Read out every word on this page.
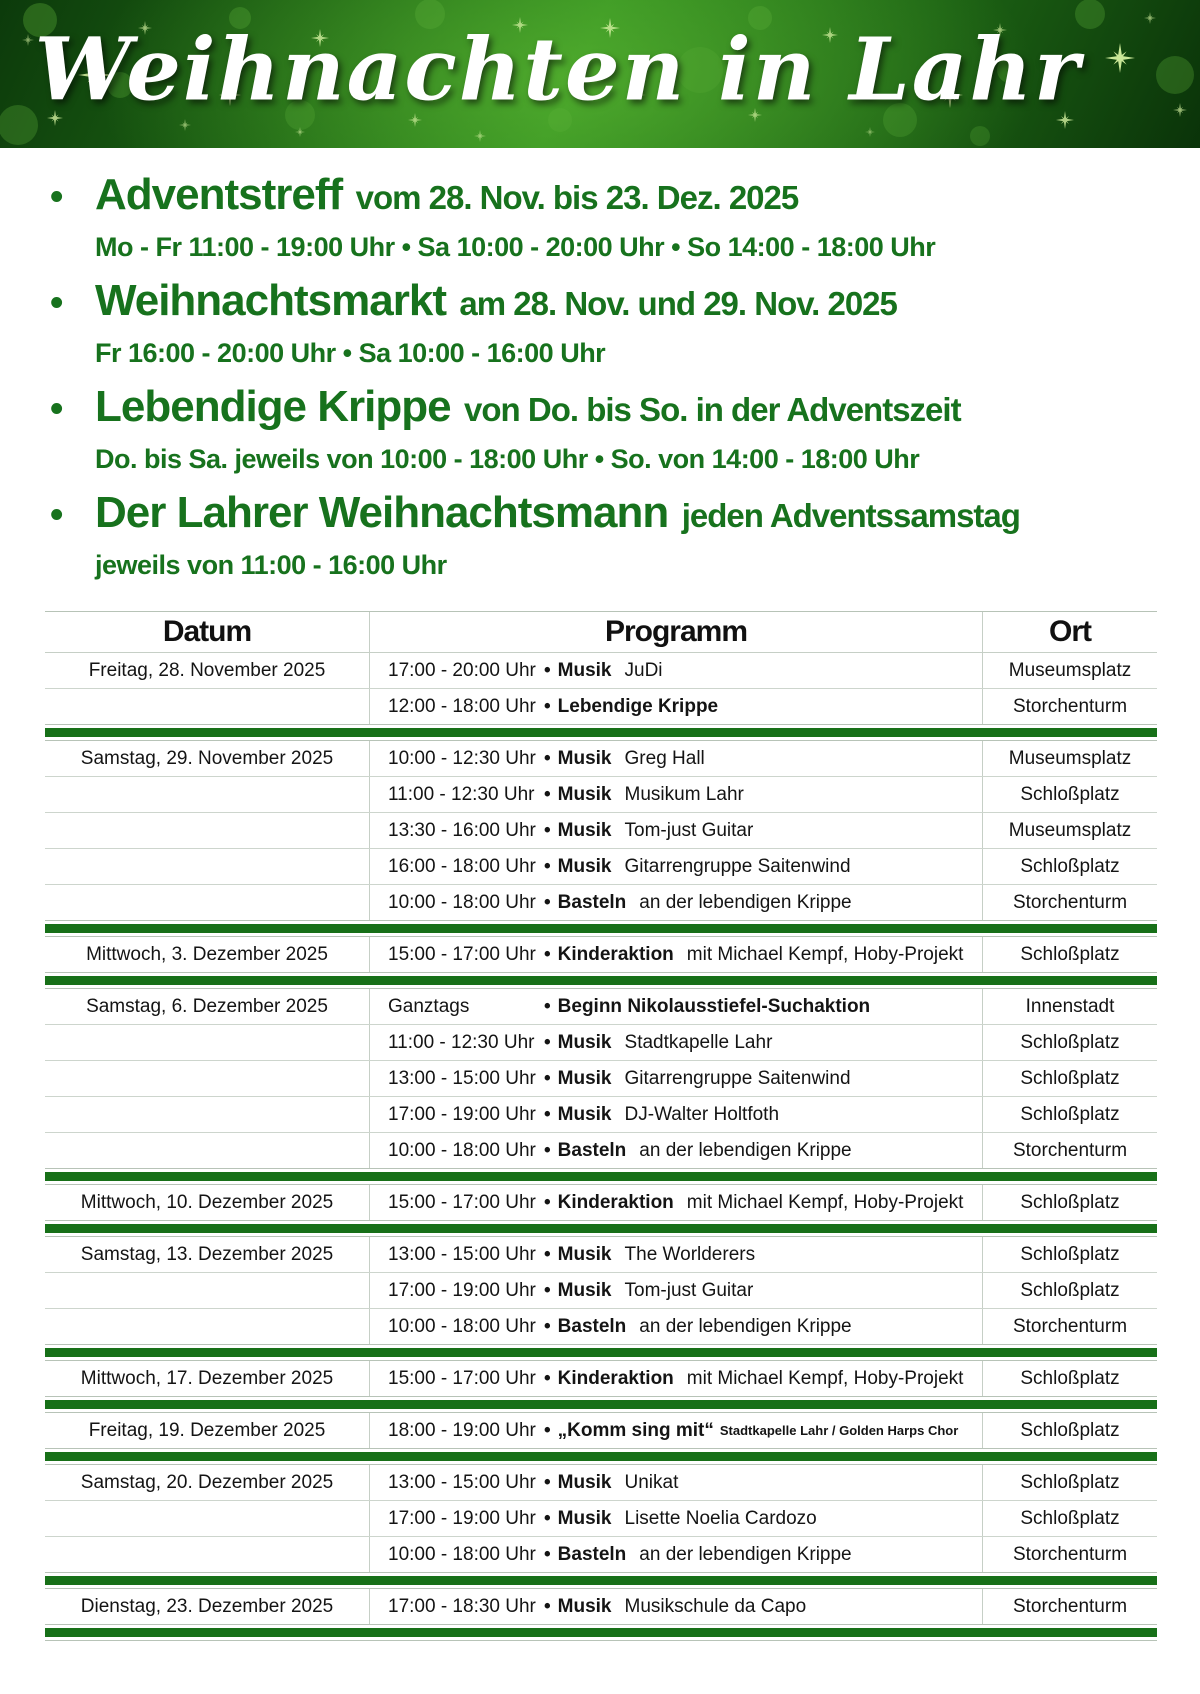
Weihnachten in Lahr
• Adventstreff vom 28. Nov. bis 23. Dez. 2025
Mo - Fr 11:00 - 19:00 Uhr • Sa 10:00 - 20:00 Uhr • So 14:00 - 18:00 Uhr
• Weihnachtsmarkt am 28. Nov. und 29. Nov. 2025
Fr 16:00 - 20:00 Uhr • Sa 10:00 - 16:00 Uhr
• Lebendige Krippe von Do. bis So. in der Adventszeit
Do. bis Sa. jeweils von 10:00 - 18:00 Uhr • So. von 14:00 - 18:00 Uhr
• Der Lahrer Weihnachtsmann jeden Adventssamstag
jeweils von 11:00 - 16:00 Uhr
Datum	Programm	Ort
Freitag, 28. November 2025	17:00 - 20:00 Uhr • Musik JuDi	Museumsplatz
12:00 - 18:00 Uhr • Lebendige Krippe	Storchenturm
Samstag, 29. November 2025	10:00 - 12:30 Uhr • Musik Greg Hall	Museumsplatz
11:00 - 12:30 Uhr • Musik Musikum Lahr	Schloßplatz
13:30 - 16:00 Uhr • Musik Tom-just Guitar	Museumsplatz
16:00 - 18:00 Uhr • Musik Gitarrengruppe Saitenwind	Schloßplatz
10:00 - 18:00 Uhr • Basteln an der lebendigen Krippe	Storchenturm
Mittwoch, 3. Dezember 2025	15:00 - 17:00 Uhr • Kinderaktion mit Michael Kempf, Hoby-Projekt	Schloßplatz
Samstag, 6. Dezember 2025	Ganztags	• Beginn Nikolausstiefel-Suchaktion	Innenstadt
11:00 - 12:30 Uhr • Musik Stadtkapelle Lahr	Schloßplatz
13:00 - 15:00 Uhr • Musik Gitarrengruppe Saitenwind	Schloßplatz
17:00 - 19:00 Uhr • Musik DJ-Walter Holtfoth	Schloßplatz
10:00 - 18:00 Uhr • Basteln an der lebendigen Krippe	Storchenturm
Mittwoch, 10. Dezember 2025	15:00 - 17:00 Uhr • Kinderaktion mit Michael Kempf, Hoby-Projekt	Schloßplatz
Samstag, 13. Dezember 2025	13:00 - 15:00 Uhr • Musik The Worlderers	Schloßplatz
17:00 - 19:00 Uhr • Musik Tom-just Guitar	Schloßplatz
10:00 - 18:00 Uhr • Basteln an der lebendigen Krippe	Storchenturm
Mittwoch, 17. Dezember 2025	15:00 - 17:00 Uhr • Kinderaktion mit Michael Kempf, Hoby-Projekt	Schloßplatz
Freitag, 19. Dezember 2025	18:00 - 19:00 Uhr • „Komm sing mit“ Stadtkapelle Lahr / Golden Harps Chor	Schloßplatz
Samstag, 20. Dezember 2025	13:00 - 15:00 Uhr • Musik Unikat	Schloßplatz
17:00 - 19:00 Uhr • Musik Lisette Noelia Cardozo	Schloßplatz
10:00 - 18:00 Uhr • Basteln an der lebendigen Krippe	Storchenturm
Dienstag, 23. Dezember 2025	17:00 - 18:30 Uhr • Musik Musikschule da Capo	Storchenturm
